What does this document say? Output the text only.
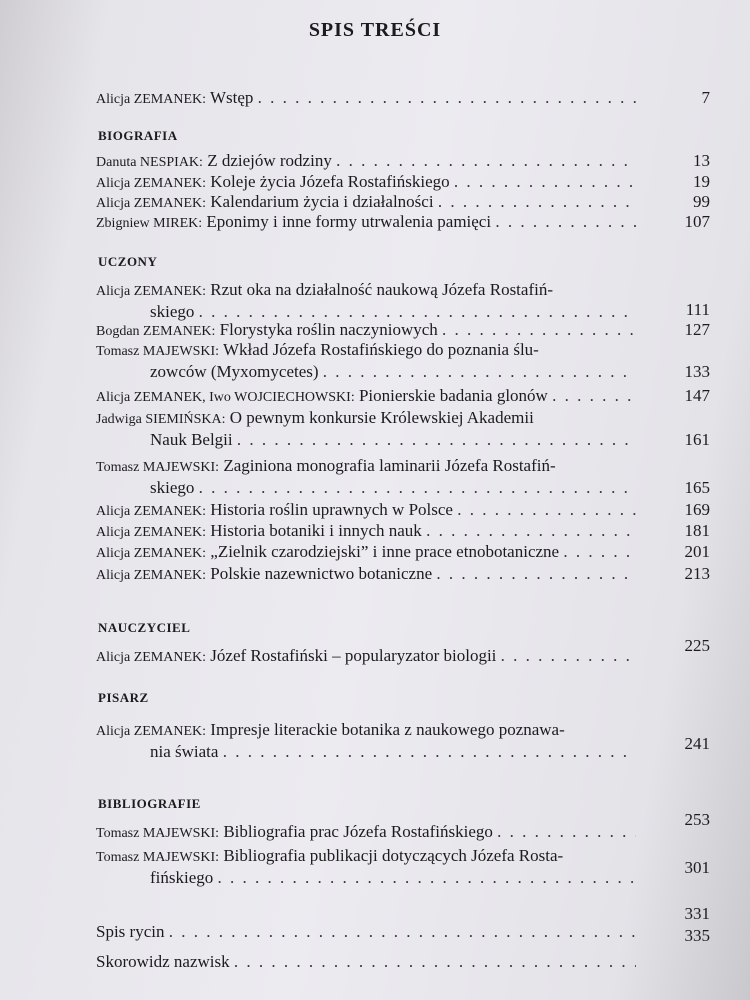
SPIS TREŚCI
Alicja ZEMANEK: Wstęp . . .	7
BIOGRAFIA
Danuta NESPIAK: Z dziejów rodziny . . .	13
Alicja ZEMANEK: Koleje życia Józefa Rostafińskiego . . .	19
Alicja ZEMANEK: Kalendarium życia i działalności . . .	99
Zbigniew MIREK: Eponimy i inne formy utrwalenia pamięci . . .	107
UCZONY
Alicja ZEMANEK: Rzut oka na działalność naukową Józefa Rostafiń-
skiego . . .	111
Bogdan ZEMANEK: Florystyka roślin naczyniowych . . .	127
Tomasz MAJEWSKI: Wkład Józefa Rostafińskiego do poznania ślu-
zowców (Myxomycetes) . . .	133
Alicja ZEMANEK, Iwo WOJCIECHOWSKI: Pionierskie badania glonów . . .	147
Jadwiga SIEMIŃSKA: O pewnym konkursie Królewskiej Akademii
Nauk Belgii . . .	161
Tomasz MAJEWSKI: Zaginiona monografia laminarii Józefa Rostafiń-
skiego . . .	165
Alicja ZEMANEK: Historia roślin uprawnych w Polsce . . .	169
Alicja ZEMANEK: Historia botaniki i innych nauk . . .	181
Alicja ZEMANEK: „Zielnik czarodziejski” i inne prace etnobotaniczne . . .	201
Alicja ZEMANEK: Polskie nazewnictwo botaniczne . . .	213
NAUCZYCIEL
Alicja ZEMANEK: Józef Rostafiński – popularyzator biologii . . .
225
PISARZ
Alicja ZEMANEK: Impresje literackie botanika z naukowego poznawa-
nia świata . . .	241
BIBLIOGRAFIE
Tomasz MAJEWSKI: Bibliografia prac Józefa Rostafińskiego . . .
253
Tomasz MAJEWSKI: Bibliografia publikacji dotyczących Józefa Rosta-
fińskiego . . .
301
Spis rycin . . .
331
Skorowidz nazwisk . . .
335
